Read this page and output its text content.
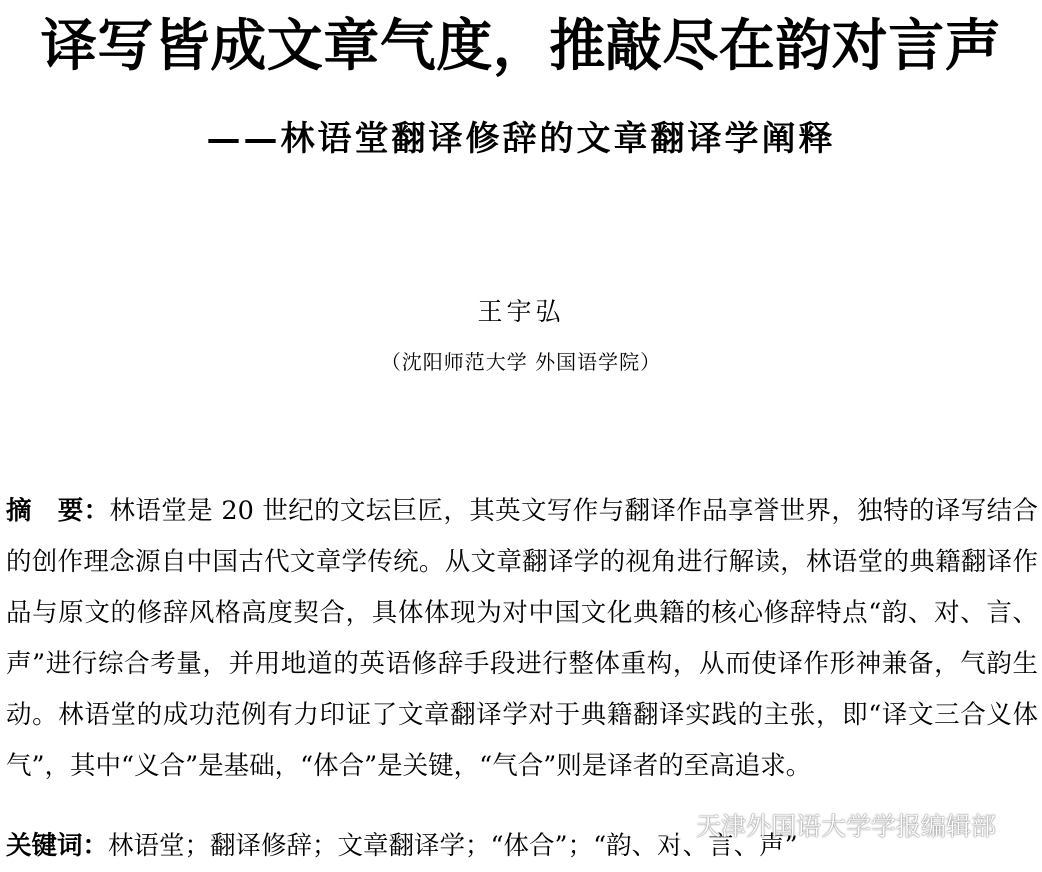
译写皆成文章气度，推敲尽在韵对言声
——林语堂翻译修辞的文章翻译学阐释
王宇弘
（沈阳师范大学 外国语学院）
摘　要：林语堂是 20 世纪的文坛巨匠，其英文写作与翻译作品享誉世界，独特的译写结合的创作理念源自中国古代文章学传统。从文章翻译学的视角进行解读，林语堂的典籍翻译作品与原文的修辞风格高度契合，具体体现为对中国文化典籍的核心修辞特点“韵、对、言、声”进行综合考量，并用地道的英语修辞手段进行整体重构，从而使译作形神兼备，气韵生动。林语堂的成功范例有力印证了文章翻译学对于典籍翻译实践的主张，即“译文三合义体气”，其中“义合”是基础，“体合”是关键，“气合”则是译者的至高追求。
关键词：林语堂；翻译修辞；文章翻译学；“体合”；“韵、对、言、声”
天津外国语大学学报编辑部
